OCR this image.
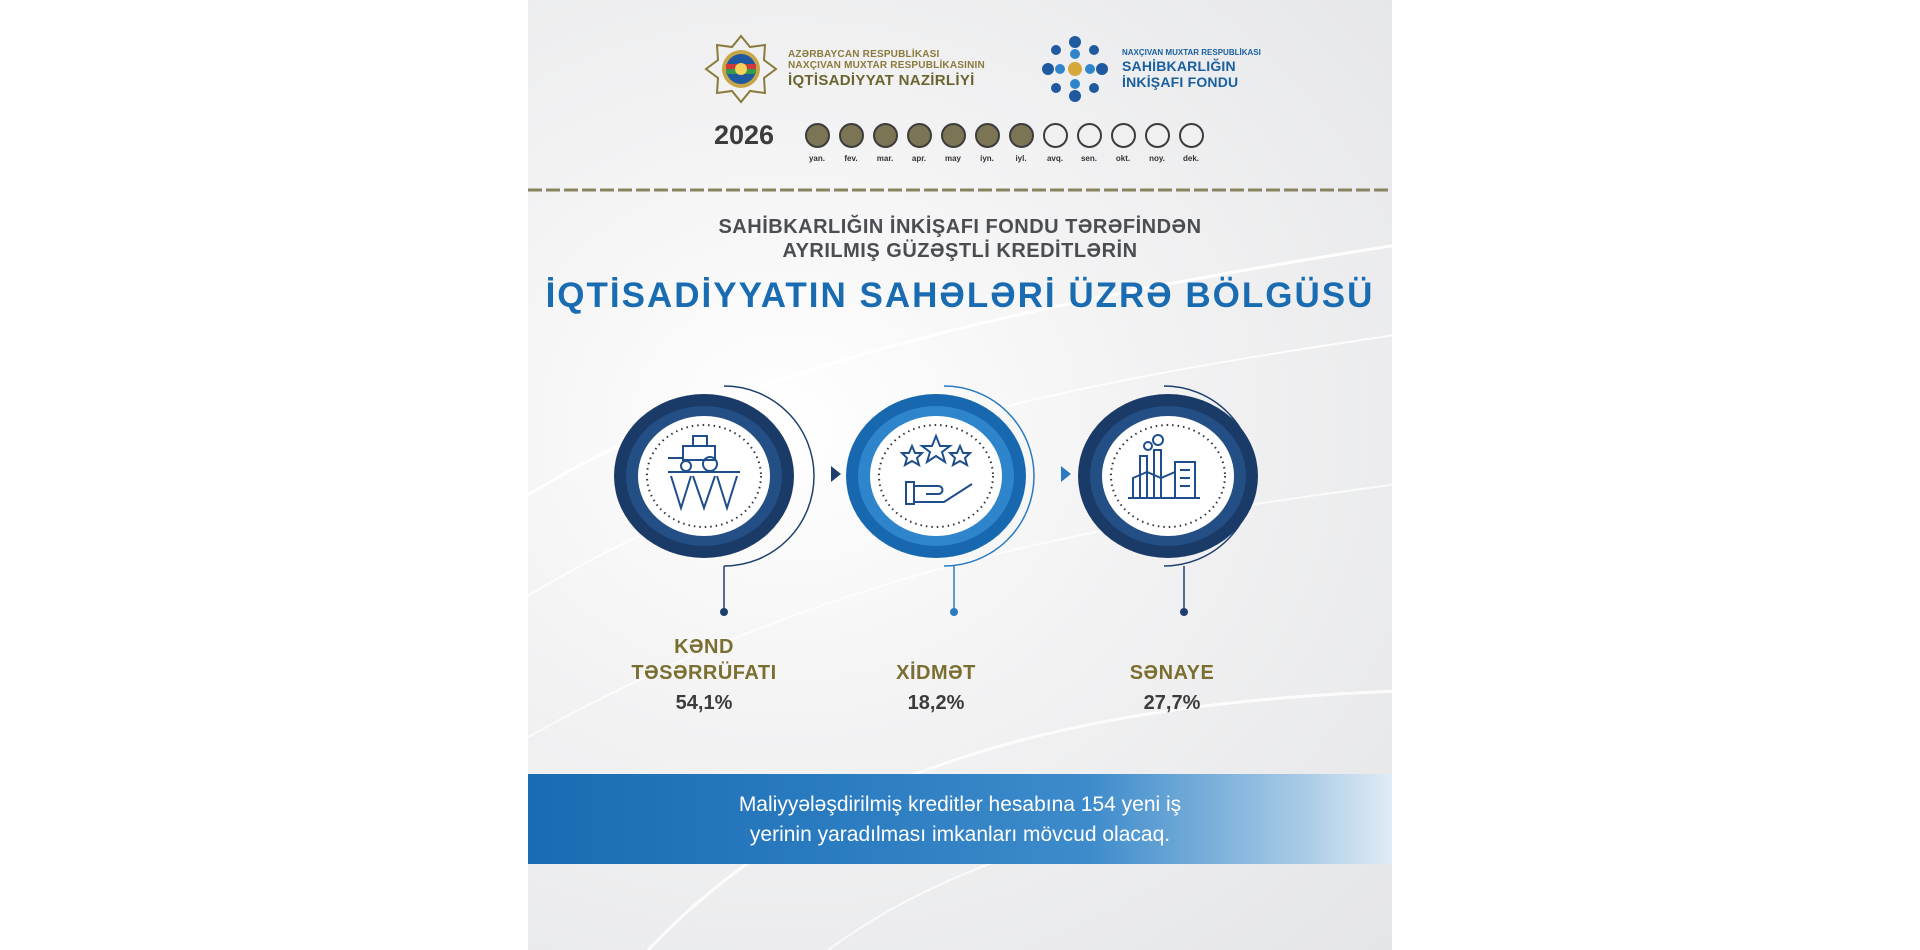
AZƏRBAYCAN RESPUBLİKASI
NAXÇIVAN MUXTAR RESPUBLİKASININ
İQTİSADİYYAT NAZİRLİYİ
NAXÇIVAN MUXTAR RESPUBLİKASI
SAHİBKARLIĞIN
İNKİŞAFI FONDU
2026
yan. fev. mar. apr. may iyn.	iyl.	avq. sen. okt. noy. dek.
SAHİBKARLIĞIN İNKİŞAFI FONDU TƏRƏFİNDƏN
AYRILMIŞ GÜZƏŞTLİ KREDİTLƏRİN
İQTİSADİYYATIN SAHƏLƏRİ ÜZRƏ BÖLGÜSÜ
KƏND
TƏSƏRRÜFATI
54,1%
XİDMƏT
18,2%
SƏNAYE
27,7%
Maliyyələşdirilmiş kreditlər hesabına 154 yeni iş
yerinin yaradılması imkanları mövcud olacaq.
